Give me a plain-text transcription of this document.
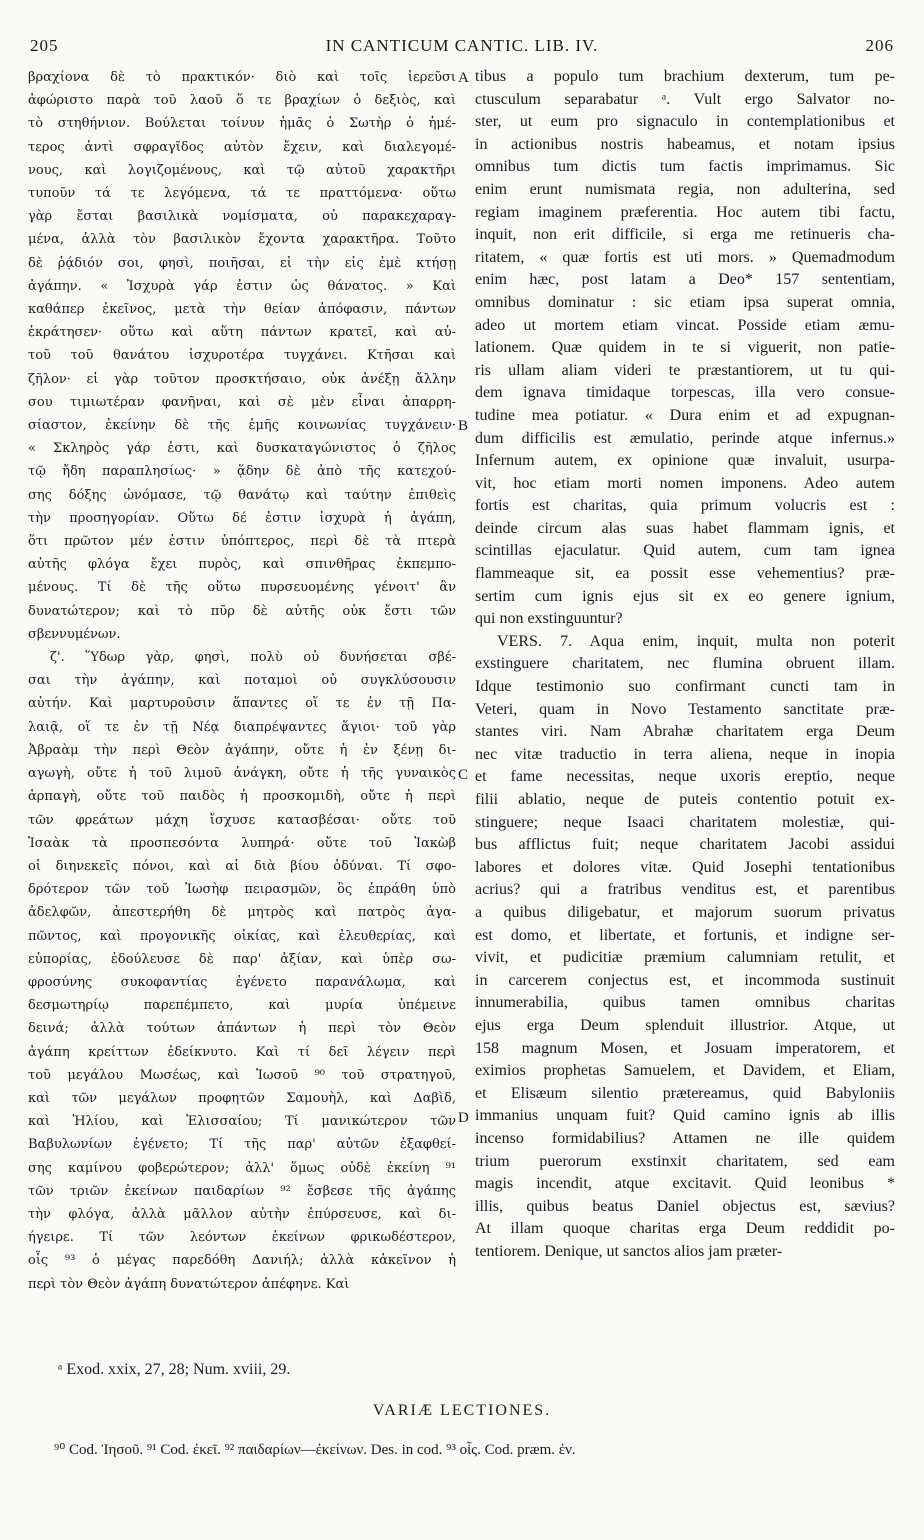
205	IN CANTICUM CANTIC. LIB. IV.	206
βραχίονα δὲ τὸ πρακτικόν· διὸ καὶ τοῖς ἱερεῦσι
ἀφώριστο παρὰ τοῦ λαοῦ ὅ τε βραχίων ὁ δεξιὸς, καὶ
τὸ στηθήνιον. Βούλεται τοίνυν ἡμᾶς ὁ Σωτὴρ ὁ ἡμέ-
τερος ἀντὶ σφραγῖδος αὐτὸν ἔχειν, καὶ διαλεγομέ-
νους, καὶ λογιζομένους, καὶ τῷ αὐτοῦ χαρακτῆρι
τυποῦν τά τε λεγόμενα, τά τε πραττόμενα· οὕτω
γὰρ ἔσται βασιλικὰ νομίσματα, οὐ παρακεχαραγ-
μένα, ἀλλὰ τὸν βασιλικὸν ἔχοντα χαρακτῆρα. Τοῦτο
δὲ ῥᾴδιόν σοι, φησὶ, ποιῆσαι, εἰ τὴν εἰς ἐμὲ κτήσῃ
ἀγάπην. « Ἰσχυρὰ γάρ ἐστιν ὡς θάνατος. » Καὶ
καθάπερ ἐκεῖνος, μετὰ τὴν θείαν ἀπόφασιν, πάντων
ἐκράτησεν· οὕτω καὶ αὕτη πάντων κρατεῖ, καὶ αὐ-
τοῦ τοῦ θανάτου ἰσχυροτέρα τυγχάνει. Κτῆσαι καὶ
ζῆλον· εἰ γὰρ τοῦτον προσκτήσαιο, οὐκ ἀνέξῃ ἄλλην
σου τιμιωτέραν φανῆναι, καὶ σὲ μὲν εἶναι ἀπαρρη-
σίαστον, ἐκείνην δὲ τῆς ἐμῆς κοινωνίας τυγχάνειν·
« Σκληρὸς γάρ ἐστι, καὶ δυσκαταγώνιστος ὁ ζῆλος
τῷ ἤδη παραπλησίως· » ᾅδην δὲ ἀπὸ τῆς κατεχού-
σης δόξης ὠνόμασε, τῷ θανάτῳ καὶ ταύτην ἐπιθεὶς
τὴν προσηγορίαν. Οὕτω δέ ἐστιν ἰσχυρὰ ἡ ἀγάπη,
ὅτι πρῶτον μέν ἐστιν ὑπόπτερος, περὶ δὲ τὰ πτερὰ
αὐτῆς φλόγα ἔχει πυρὸς, καὶ σπινθῆρας ἐκπεμπο-
μένους. Τί δὲ τῆς οὕτω πυρσευομένης γένοιτ' ἂν
δυνατώτερον; καὶ τὸ πῦρ δὲ αὐτῆς οὐκ ἔστι τῶν
σβεννυμένων.
ζ'. Ὕδωρ γὰρ, φησὶ, πολὺ οὐ δυνήσεται σβέ-
σαι τὴν ἀγάπην, καὶ ποταμοὶ οὐ συγκλύσουσιν
αὐτήν. Καὶ μαρτυροῦσιν ἅπαντες οἵ τε ἐν τῇ Πα-
λαιᾷ, οἵ τε ἐν τῇ Νέᾳ διαπρέψαντες ἅγιοι· τοῦ γὰρ
Ἀβραὰμ τὴν περὶ Θεὸν ἀγάπην, οὔτε ἡ ἐν ξένῃ δι-
αγωγὴ, οὔτε ἡ τοῦ λιμοῦ ἀνάγκη, οὔτε ἡ τῆς γυναικὸς
ἁρπαγὴ, οὔτε τοῦ παιδὸς ἡ προσκομιδὴ, οὔτε ἡ περὶ
τῶν φρεάτων μάχη ἴσχυσε κατασβέσαι· οὔτε τοῦ
Ἰσαὰκ τὰ προσπεσόντα λυπηρά· οὔτε τοῦ Ἰακὼβ
οἱ διηνεκεῖς πόνοι, καὶ αἱ διὰ βίου ὀδύναι. Τί σφο-
δρότερον τῶν τοῦ Ἰωσὴφ πειρασμῶν, ὃς ἐπράθη ὑπὸ
ἀδελφῶν, ἀπεστερήθη δὲ μητρὸς καὶ πατρὸς ἀγα-
πῶντος, καὶ προγονικῆς οἰκίας, καὶ ἐλευθερίας, καὶ
εὐπορίας, ἐδούλευσε δὲ παρ' ἀξίαν, καὶ ὑπὲρ σω-
φροσύνης συκοφαντίας ἐγένετο παρανάλωμα, καὶ
δεσμωτηρίῳ παρεπέμπετο, καὶ μυρία ὑπέμεινε
δεινά; ἀλλὰ τούτων ἁπάντων ἡ περὶ τὸν Θεὸν
ἀγάπη κρείττων ἐδείκνυτο. Καὶ τί δεῖ λέγειν περὶ
τοῦ μεγάλου Μωσέως, καὶ Ἰωσοῦ ⁹⁰ τοῦ στρατηγοῦ,
καὶ τῶν μεγάλων προφητῶν Σαμουὴλ, καὶ Δαβὶδ,
καὶ Ἠλίου, καὶ Ἐλισσαίου; Τί μανικώτερον τῶν
Βαβυλωνίων ἐγένετο; Τί τῆς παρ' αὐτῶν ἐξαφθεί-
σης καμίνου φοβερώτερον; ἀλλ' ὅμως οὐδὲ ἐκείνη ⁹¹
τῶν τριῶν ἐκείνων παιδαρίων ⁹² ἔσβεσε τῆς ἀγάπης
τὴν φλόγα, ἀλλὰ μᾶλλον αὐτὴν ἐπύρσευσε, καὶ δι-
ήγειρε. Τί τῶν λεόντων ἐκείνων φρικωδέστερον,
οἷς ⁹³ ὁ μέγας παρεδόθη Δανιήλ; ἀλλὰ κἀκεῖνον ἡ
περὶ τὸν Θεὸν ἀγάπη δυνατώτερον ἀπέφηνε. Καὶ
tibus a populo tum brachium dexterum, tum pe-
ctusculum separabatur ᵃ. Vult ergo Salvator no-
ster, ut eum pro signaculo in contemplationibus et
in actionibus nostris habeamus, et notam ipsius
omnibus tum dictis tum factis imprimamus. Sic
enim erunt numismata regia, non adulterina, sed
regiam imaginem præferentia. Hoc autem tibi factu,
inquit, non erit difficile, si erga me retinueris cha-
ritatem, « quæ fortis est uti mors. » Quemadmodum
enim hæc, post latam a Deo* 157 sententiam,
omnibus dominatur : sic etiam ipsa superat omnia,
adeo ut mortem etiam vincat. Posside etiam æmu-
lationem. Quæ quidem in te si viguerit, non patie-
ris ullam aliam videri te præstantiorem, ut tu qui-
dem ignava timidaque torpescas, illa vero consue-
tudine mea potiatur. « Dura enim et ad expugnan-
dum difficilis est æmulatio, perinde atque infernus.»
Infernum autem, ex opinione quæ invaluit, usurpa-
vit, hoc etiam morti nomen imponens. Adeo autem
fortis est charitas, quia primum volucris est :
deinde circum alas suas habet flammam ignis, et
scintillas ejaculatur. Quid autem, cum tam ignea
flammeaque sit, ea possit esse vehementius? præ-
sertim cum ignis ejus sit ex eo genere ignium,
qui non exstinguuntur?
VERS. 7. Aqua enim, inquit, multa non poterit
exstinguere charitatem, nec flumina obruent illam.
Idque testimonio suo confirmant cuncti tam in
Veteri, quam in Novo Testamento sanctitate præ-
stantes viri. Nam Abrahæ charitatem erga Deum
nec vitæ traductio in terra aliena, neque in inopia
et fame necessitas, neque uxoris ereptio, neque
filii ablatio, neque de puteis contentio potuit ex-
stinguere; neque Isaaci charitatem molestiæ, qui-
bus afflictus fuit; neque charitatem Jacobi assidui
labores et dolores vitæ. Quid Josephi tentationibus
acrius? qui a fratribus venditus est, et parentibus
a quibus diligebatur, et majorum suorum privatus
est domo, et libertate, et fortunis, et indigne ser-
vivit, et pudicitiæ præmium calumniam retulit, et
in carcerem conjectus est, et incommoda sustinuit
innumerabilia, quibus tamen omnibus charitas
ejus erga Deum splenduit illustrior. Atque, ut
158 magnum Mosen, et Josuam imperatorem, et
eximios prophetas Samuelem, et Davidem, et Eliam,
et Elisæum silentio prætereamus, quid Babyloniis
immanius unquam fuit? Quid camino ignis ab illis
incenso formidabilius? Attamen ne ille quidem
trium puerorum exstinxit charitatem, sed eam
magis incendit, atque excitavit. Quid leonibus *
illis, quibus beatus Daniel objectus est, sævius?
At illam quoque charitas erga Deum reddidit po-
tentiorem. Denique, ut sanctos alios jam præter-
A
B
C
D
ᵃ Exod. xxix, 27, 28; Num. xviii, 29.
VARIÆ LECTIONES.
⁹⁰ Cod. Ἰησοῦ. ⁹¹ Cod. ἐκεῖ. ⁹² παιδαρίων—ἐκείνων. Des. in cod. ⁹³ οἷς. Cod. præm. ἐν.
